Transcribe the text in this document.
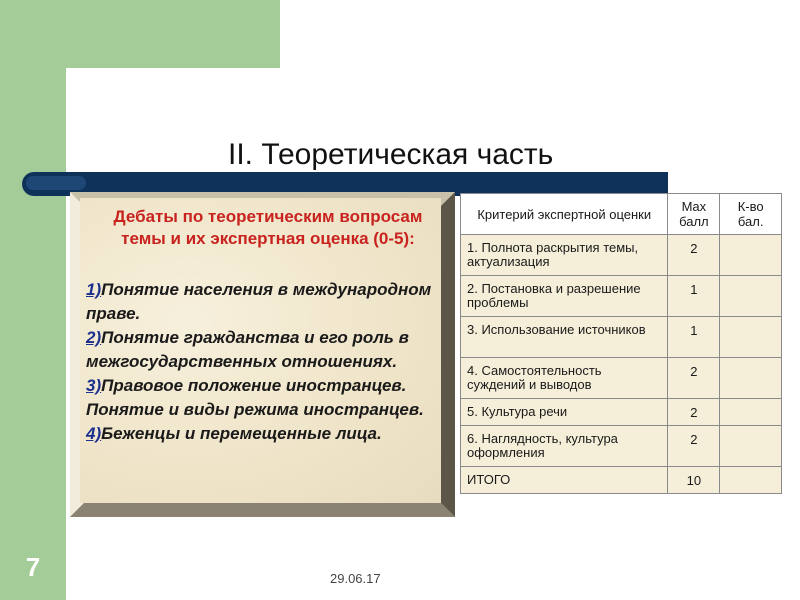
II. Теоретическая часть
Дебаты по теоретическим вопросам темы и их экспертная оценка (0-5):
1)Понятие населения в международном праве.
2)Понятие гражданства и его роль в межгосударственных отношениях.
3)Правовое положение иностранцев. Понятие и виды режима иностранцев.
4)Беженцы и перемещенные лица.
Критерий экспертной оценки	Max балл	К-во бал.
1. Полнота раскрытия темы, актуализация	2	
2. Постановка и разрешение проблемы	1	
3. Использование источников	1	
4. Самостоятельность суждений и выводов	2	
5. Культура речи	2	
6. Наглядность, культура оформления	2	
ИТОГО	10	
7	29.06.17
